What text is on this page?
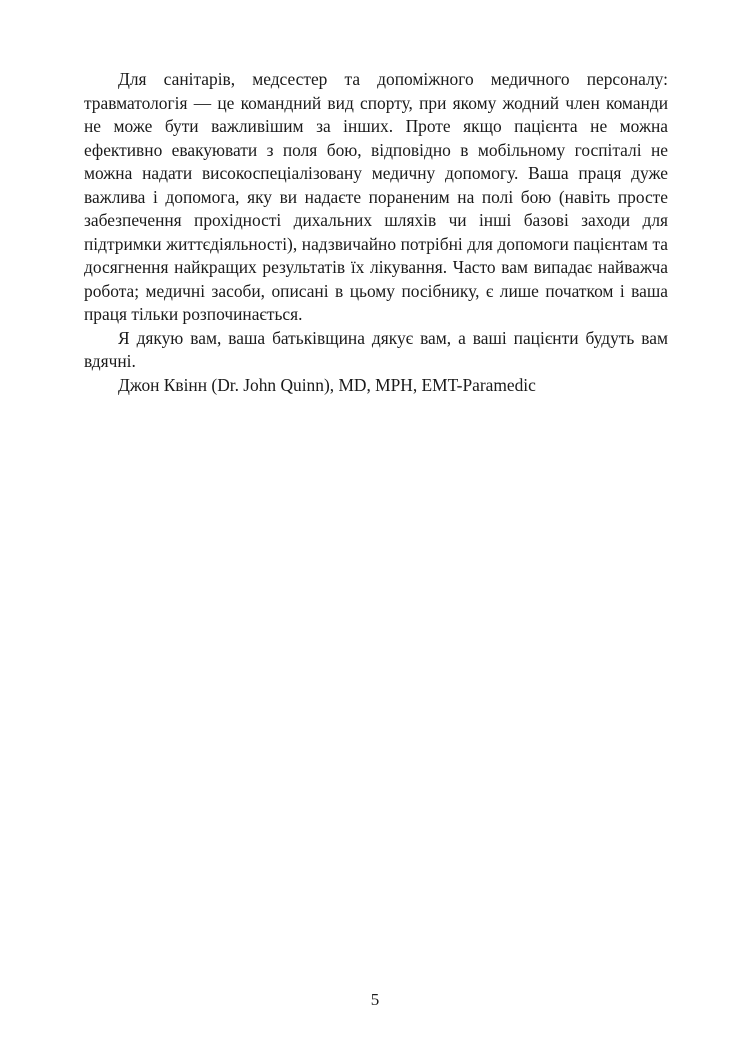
Для санітарів, медсестер та допоміжного медичного персоналу: травматологія — це командний вид спорту, при якому жодний член команди не може бути важливішим за інших. Проте якщо пацієнта не можна ефективно евакуювати з поля бою, відповідно в мобільному госпіталі не можна надати високоспеціалізовану медичну допомогу. Ваша праця дуже важлива і допомога, яку ви надаєте пораненим на полі бою (навіть просте забезпечення прохідності дихальних шляхів чи інші базові заходи для підтримки життєдіяльності), надзвичайно потрібні для допомоги пацієнтам та досягнення найкращих результатів їх лікування. Часто вам випадає найважча робота; медичні засоби, описані в цьому посібнику, є лише початком і ваша праця тільки розпочинається.

Я дякую вам, ваша батьківщина дякує вам, а ваші пацієнти будуть вам вдячні.

Джон Квінн (Dr. John Quinn), MD, MPH, EMT-Paramedic

5
